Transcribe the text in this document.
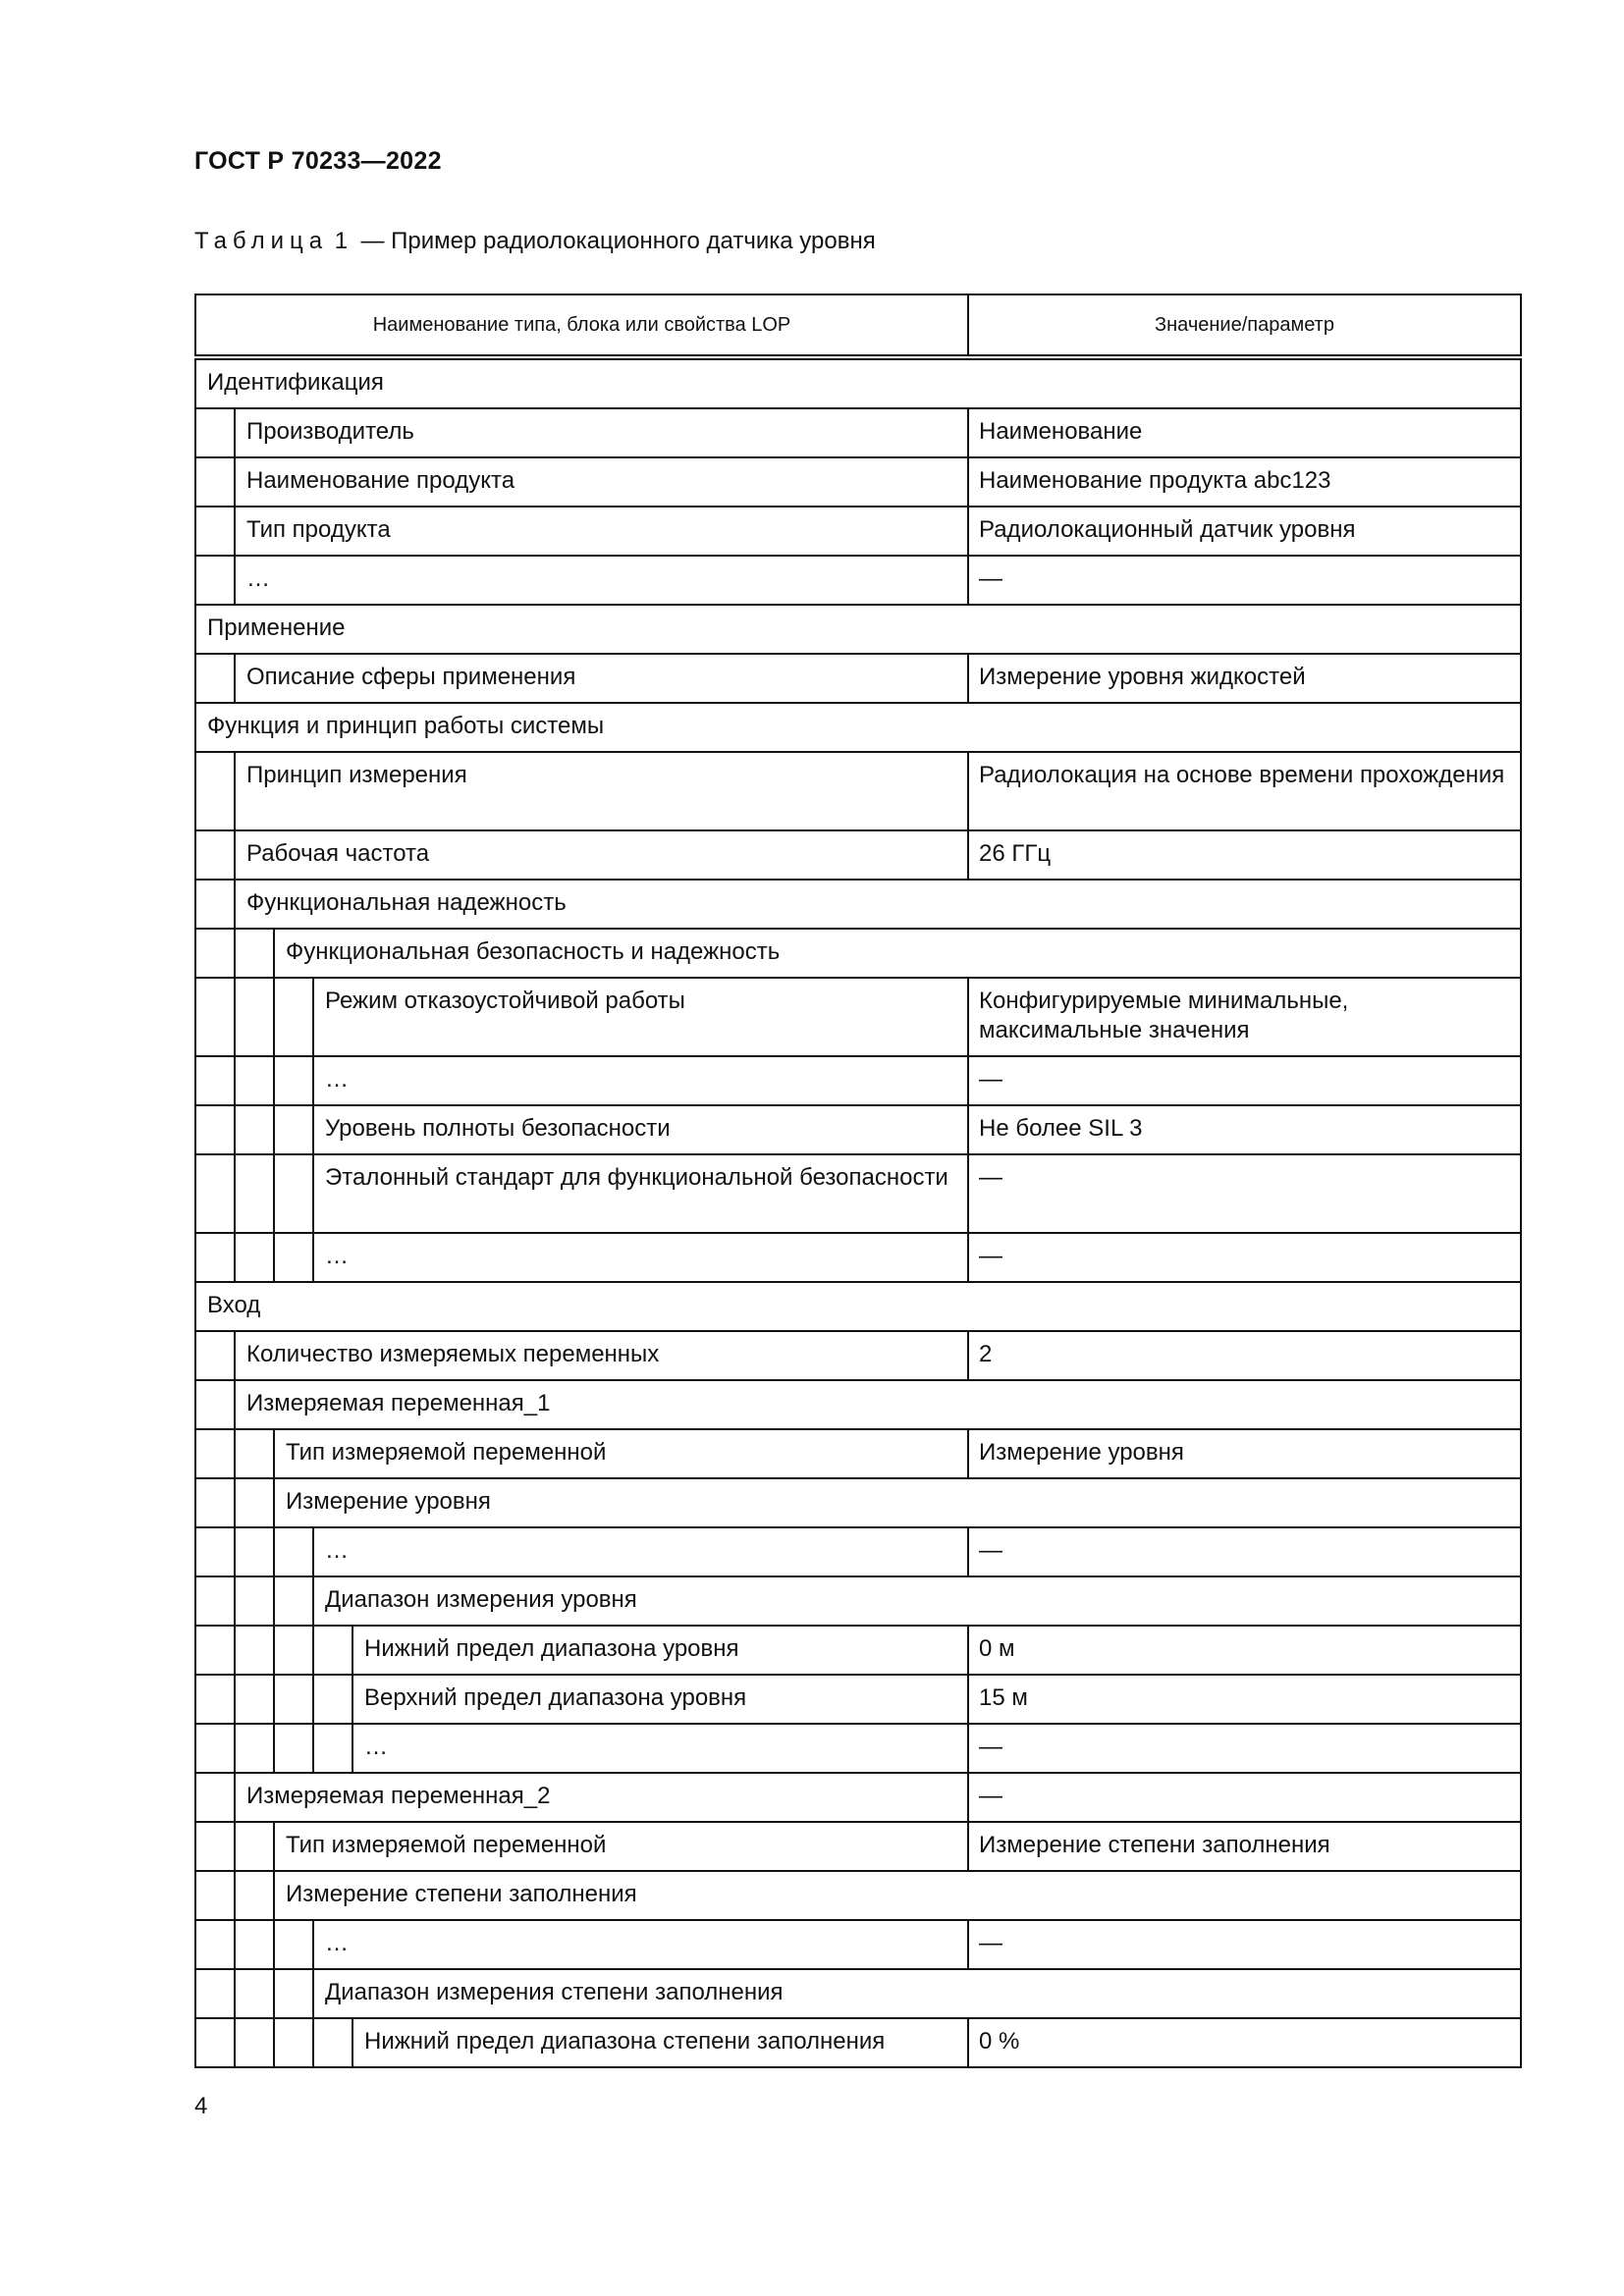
ГОСТ Р 70233—2022
Таблица 1 — Пример радиолокационного датчика уровня
Наименование типа, блока или свойства LOP					Значение/параметр

Идентификация					

	Производитель				Наименование

	Наименование продукта				Наименование продукта abc123

	Тип продукта				Радиолокационный датчик уровня

	…				—

Применение					

	Описание сферы применения				Измерение уровня жидкостей

Функция и принцип работы системы					

	Принцип измерения				Радиолокация на основе времени прохождения

	Рабочая частота				26 ГГц

	Функциональная надежность				

		Функциональная безопасность и надежность			

			Режим отказоустойчивой работы		Конфигурируемые минимальные, максимальные значения

			…		—

			Уровень полноты безопасности		Не более SIL 3

			Эталонный стандарт для функциональной безопасности		—

			…		—

Вход					

	Количество измеряемых переменных				2

	Измеряемая переменная_1				

		Тип измеряемой переменной			Измерение уровня

		Измерение уровня			

			…		—

			Диапазон измерения уровня		

				Нижний предел диапазона уровня	0 м

				Верхний предел диапазона уровня	15 м

				…	—

	Измеряемая переменная_2				—

		Тип измеряемой переменной			Измерение степени заполнения

		Измерение степени заполнения			

			…		—

			Диапазон измерения степени заполнения		

				Нижний предел диапазона степени заполнения	0 %
4
